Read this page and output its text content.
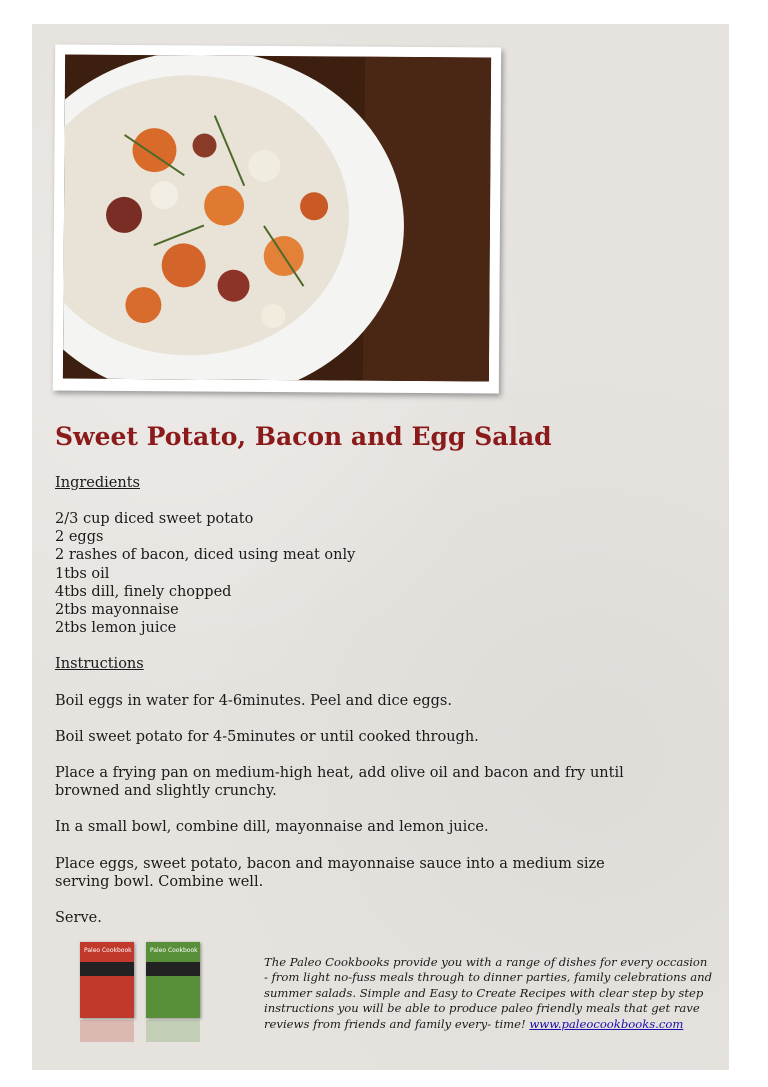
Sweet Potato, Bacon and Egg Salad
Ingredients
2/3 cup diced sweet potato
2 eggs
2 rashes of bacon, diced using meat only
1tbs oil
4tbs dill, finely chopped
2tbs mayonnaise
2tbs lemon juice
Instructions
Boil eggs in water for 4-6minutes. Peel and dice eggs.
Boil sweet potato for 4-5minutes or until cooked through.
Place a frying pan on medium-high heat, add olive oil and bacon and fry until browned and slightly crunchy.
In a small bowl, combine dill, mayonnaise and lemon juice.
Place eggs, sweet potato, bacon and mayonnaise sauce into a medium size serving bowl. Combine well.
Serve.
Paleo Cookbook	Paleo Cookbook
The Paleo Cookbooks provide you with a range of dishes for every occasion - from light no-fuss meals through to dinner parties, family celebrations and summer salads. Simple and Easy to Create Recipes with clear step by step instructions you will be able to produce paleo friendly meals that get rave reviews from friends and family every- time! www.paleocookbooks.com
